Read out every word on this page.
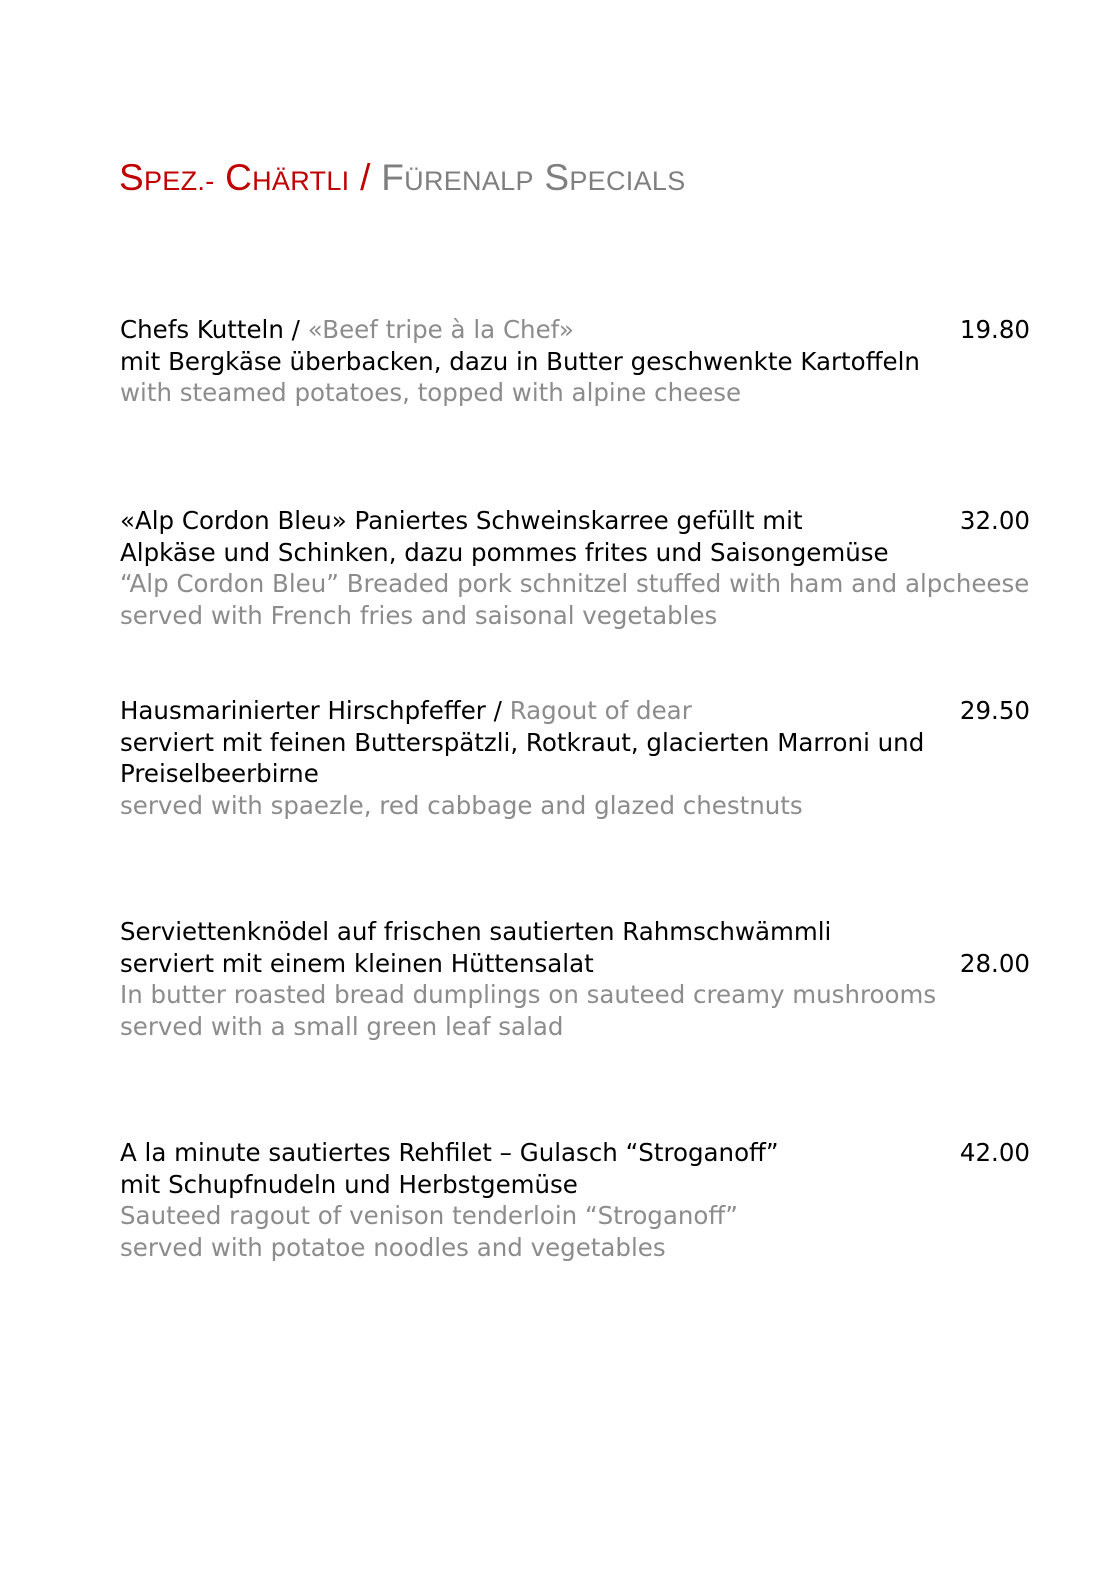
SPEZ.- CHÄRTLI / FÜRENALP SPECIALS
Chefs Kutteln / «Beef tripe à la Chef»
mit Bergkäse überbacken, dazu in Butter geschwenkte Kartoffeln
with steamed potatoes, topped with alpine cheese
19.80
«Alp Cordon Bleu» Paniertes Schweinskarree gefüllt mit
Alpkäse und Schinken, dazu pommes frites und Saisongemüse
“Alp Cordon Bleu” Breaded pork schnitzel stuffed with ham and alpcheese
served with French fries and saisonal vegetables
32.00
Hausmarinierter Hirschpfeffer / Ragout of dear
serviert mit feinen Butterspätzli, Rotkraut, glacierten Marroni und
Preiselbeerbirne
served with spaezle, red cabbage and glazed chestnuts
29.50
Serviettenknödel auf frischen sautierten Rahmschwämmli
serviert mit einem kleinen Hüttensalat
In butter roasted bread dumplings on sauteed creamy mushrooms
served with a small green leaf salad
28.00
A la minute sautiertes Rehfilet – Gulasch “Stroganoff”
mit Schupfnudeln und Herbstgemüse
Sauteed ragout of venison tenderloin “Stroganoff”
served with potatoe noodles and vegetables
42.00
